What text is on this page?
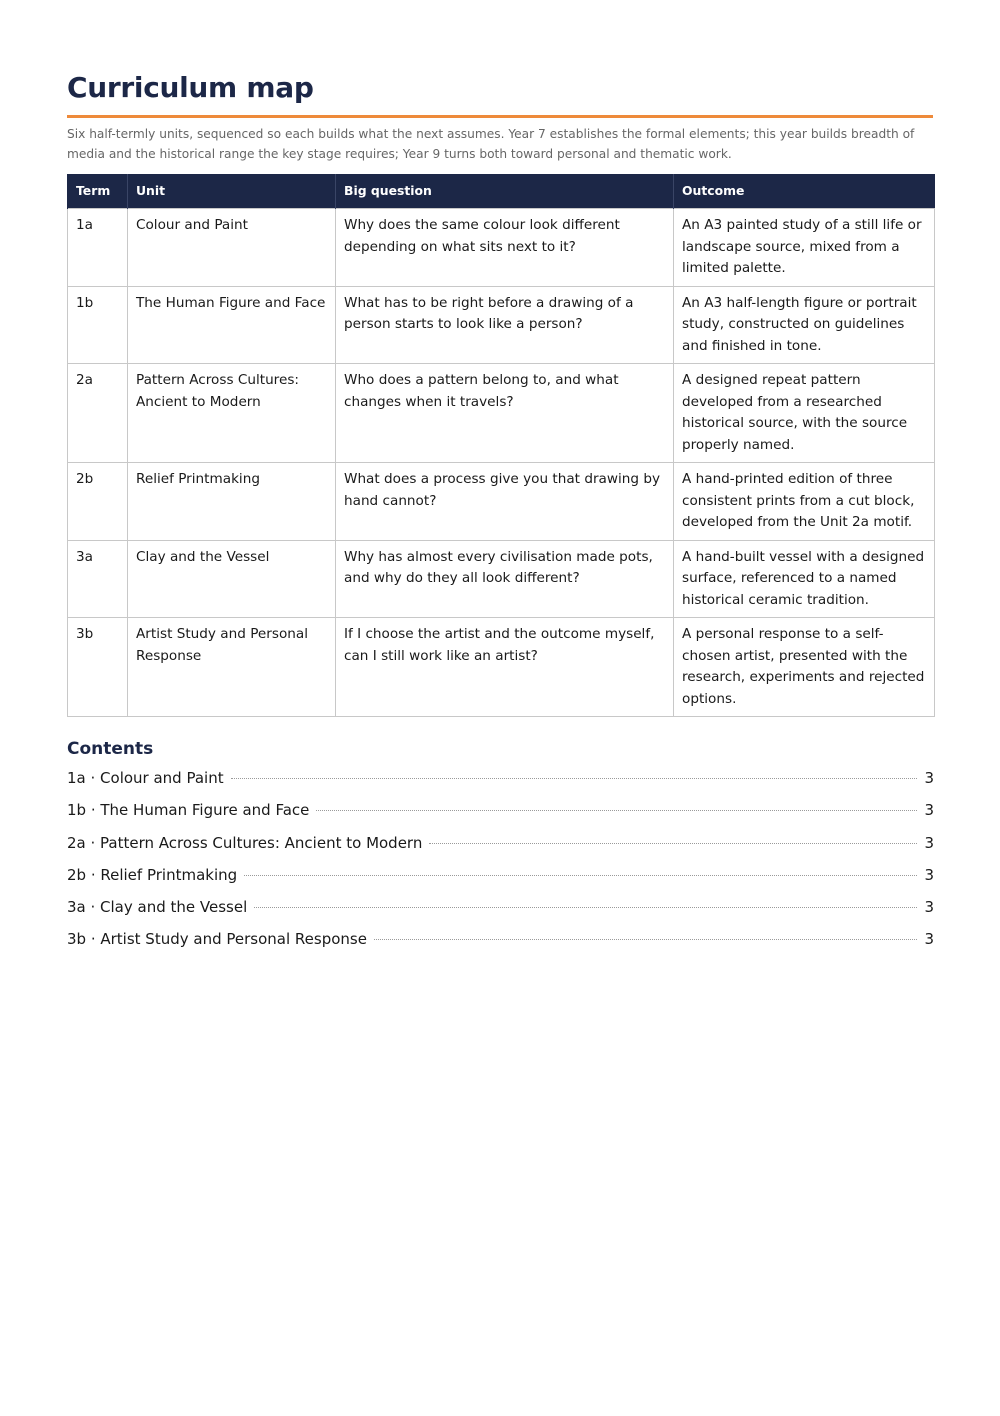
Curriculum map

Six half-termly units, sequenced so each builds what the next assumes. Year 7 establishes the formal elements; this year builds breadth of media and the historical range the key stage requires; Year 9 turns both toward personal and thematic work.

Term	Unit	Big question	Outcome
1a	Colour and Paint	Why does the same colour look different depending on what sits next to it?	An A3 painted study of a still life or landscape source, mixed from a limited palette.
1b	The Human Figure and Face	What has to be right before a drawing of a person starts to look like a person?	An A3 half-length figure or portrait study, constructed on guidelines and finished in tone.
2a	Pattern Across Cultures: Ancient to Modern	Who does a pattern belong to, and what changes when it travels?	A designed repeat pattern developed from a researched historical source, with the source properly named.
2b	Relief Printmaking	What does a process give you that drawing by hand cannot?	A hand-printed edition of three consistent prints from a cut block, developed from the Unit 2a motif.
3a	Clay and the Vessel	Why has almost every civilisation made pots, and why do they all look different?	A hand-built vessel with a designed surface, referenced to a named historical ceramic tradition.
3b	Artist Study and Personal Response	If I choose the artist and the outcome myself, can I still work like an artist?	A personal response to a self-chosen artist, presented with the research, experiments and rejected options.
Contents
1a · Colour and Paint	3
1b · The Human Figure and Face	3
2a · Pattern Across Cultures: Ancient to Modern	3
2b · Relief Printmaking	3
3a · Clay and the Vessel	3
3b · Artist Study and Personal Response	3
